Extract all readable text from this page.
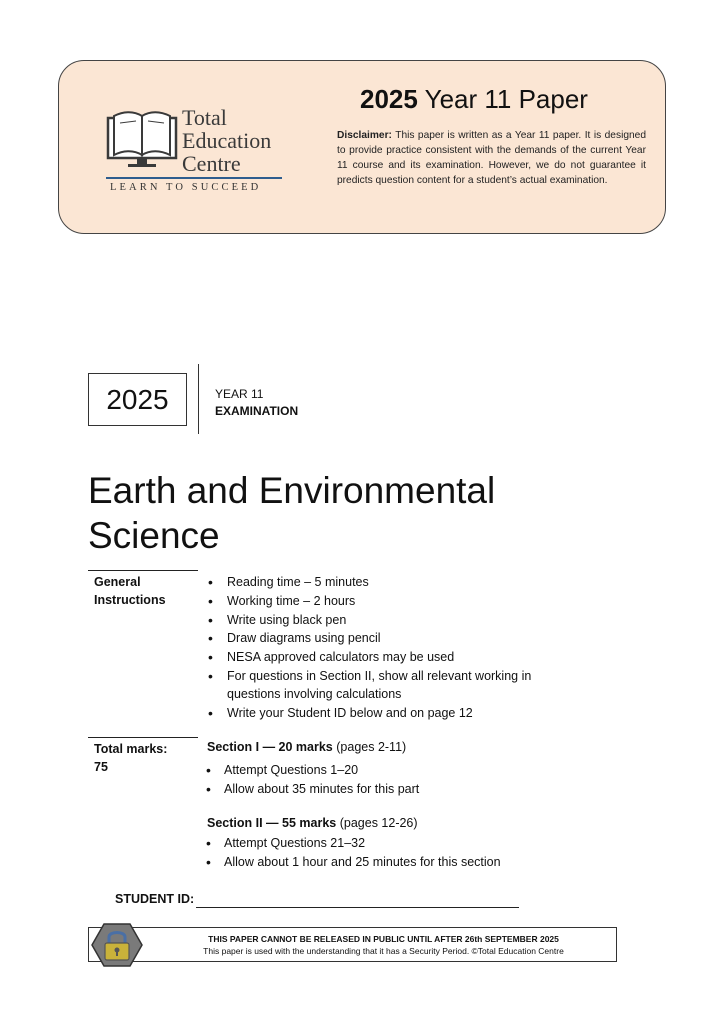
Total
Education
Centre
LEARN TO SUCCEED
2025 Year 11 Paper
Disclaimer: This paper is written as a Year 11 paper. It is designed to provide practice consistent with the demands of the current Year 11 course and its examination. However, we do not guarantee it predicts question content for a student’s actual examination.
2025	YEAR 11
EXAMINATION
Earth and Environmental Science
General Instructions
• Reading time – 5 minutes
• Working time – 2 hours
• Write using black pen
• Draw diagrams using pencil
• NESA approved calculators may be used
• For questions in Section II, show all relevant working in questions involving calculations
• Write your Student ID below and on page 12
Total marks:
75
Section I — 20 marks (pages 2-11)
• Attempt Questions 1–20
• Allow about 35 minutes for this part
Section II — 55 marks (pages 12-26)
• Attempt Questions 21–32
• Allow about 1 hour and 25 minutes for this section
STUDENT ID:
THIS PAPER CANNOT BE RELEASED IN PUBLIC UNTIL AFTER 26th SEPTEMBER 2025
This paper is used with the understanding that it has a Security Period. ©Total Education Centre
